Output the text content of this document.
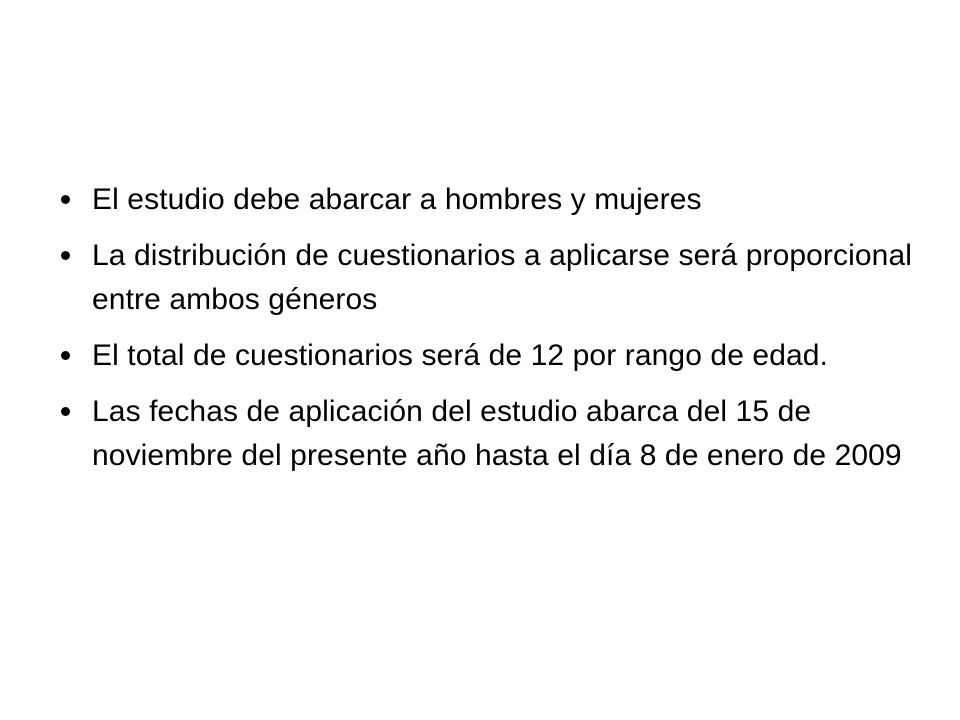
El estudio debe abarcar a hombres y mujeres
La distribución de cuestionarios a aplicarse será proporcional entre ambos géneros
El total de cuestionarios será de 12 por rango de edad.
Las fechas de aplicación del estudio abarca del 15 de noviembre del presente año hasta el día 8 de enero de 2009
